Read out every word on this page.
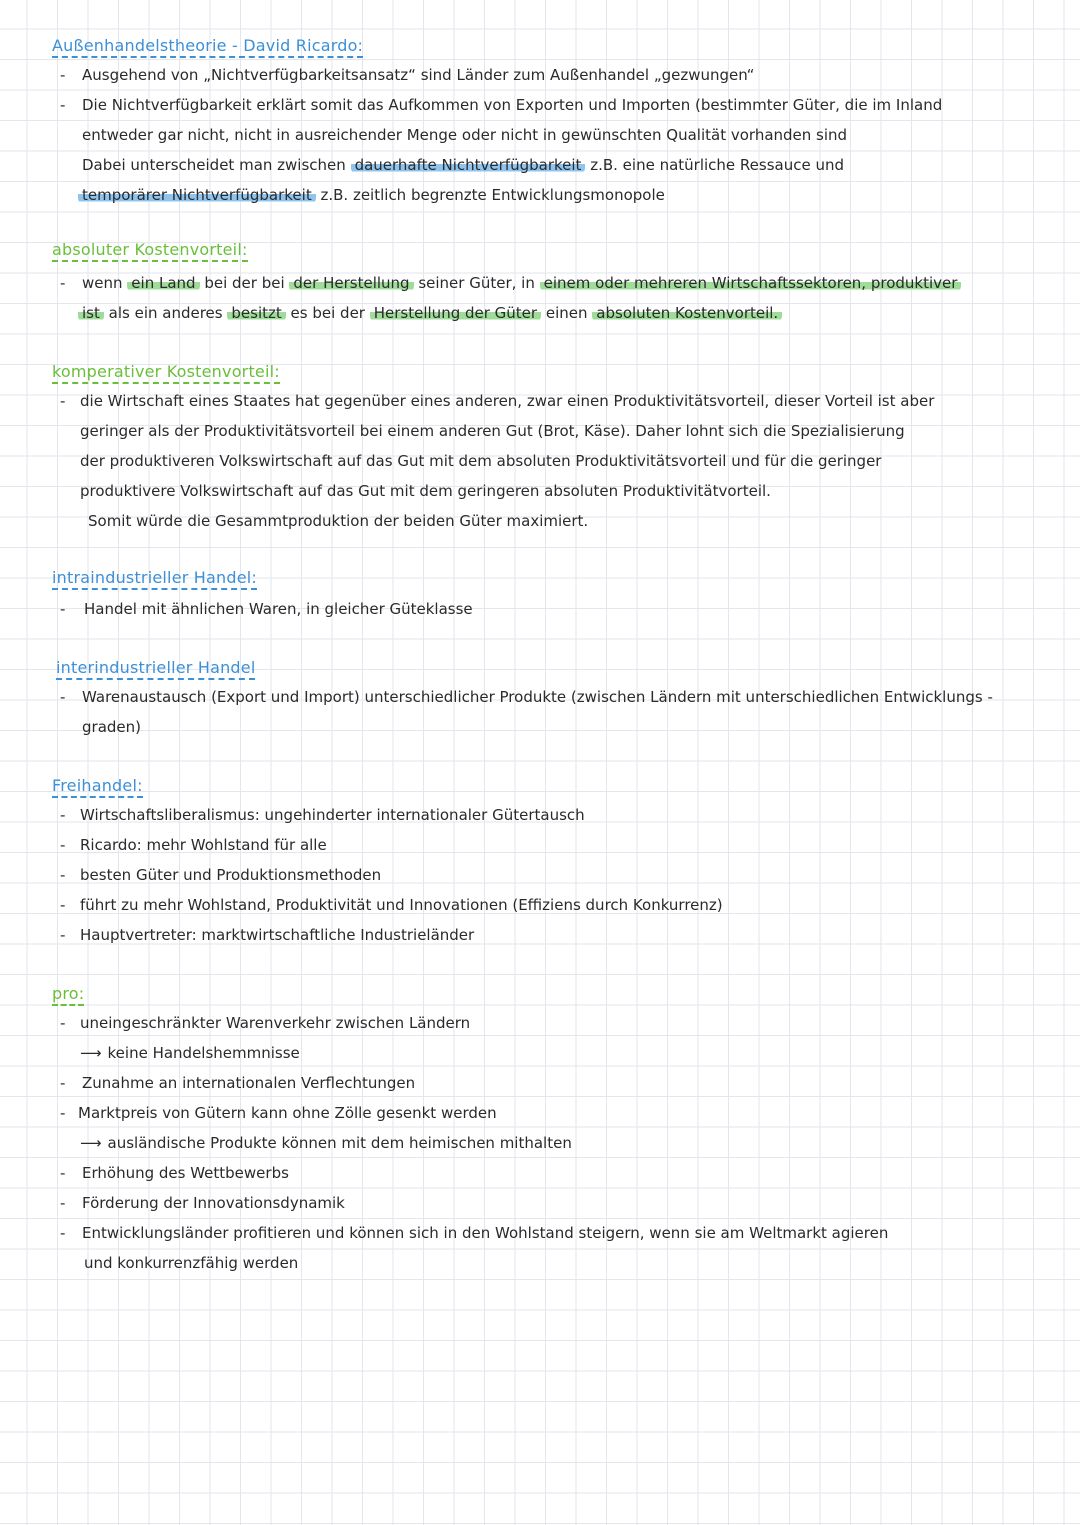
Außenhandelstheorie - David Ricardo:
- Ausgehend von „Nichtverfügbarkeitsansatz“ sind Länder zum Außenhandel „gezwungen“
- Die Nichtverfügbarkeit erklärt somit das Aufkommen von Exporten und Importen (bestimmter Güter, die im Inland
entweder gar nicht, nicht in ausreichender Menge oder nicht in gewünschten Qualität vorhanden sind
Dabei unterscheidet man zwischen dauerhafte Nichtverfügbarkeit z.B. eine natürliche Ressauce und
temporärer Nichtverfügbarkeit z.B. zeitlich begrenzte Entwicklungsmonopole
absoluter Kostenvorteil:
- wenn ein Land bei der bei der Herstellung seiner Güter, in einem oder mehreren Wirtschaftssektoren, produktiver
ist als ein anderes besitzt es bei der Herstellung der Güter einen absoluten Kostenvorteil.
komperativer Kostenvorteil:
- die Wirtschaft eines Staates hat gegenüber eines anderen, zwar einen Produktivitätsvorteil, dieser Vorteil ist aber
geringer als der Produktivitätsvorteil bei einem anderen Gut (Brot, Käse). Daher lohnt sich die Spezialisierung
der produktiveren Volkswirtschaft auf das Gut mit dem absoluten Produktivitätsvorteil und für die geringer
produktivere Volkswirtschaft auf das Gut mit dem geringeren absoluten Produktivitätvorteil.
Somit würde die Gesammtproduktion der beiden Güter maximiert.
intraindustrieller Handel:
- Handel mit ähnlichen Waren, in gleicher Güteklasse
interindustrieller Handel
- Warenaustausch (Export und Import) unterschiedlicher Produkte (zwischen Ländern mit unterschiedlichen Entwicklungs -
graden)
Freihandel:
- Wirtschaftsliberalismus: ungehinderter internationaler Gütertausch
- Ricardo: mehr Wohlstand für alle
- besten Güter und Produktionsmethoden
- führt zu mehr Wohlstand, Produktivität und Innovationen (Effiziens durch Konkurrenz)
- Hauptvertreter: marktwirtschaftliche Industrieländer
pro:
- uneingeschränkter Warenverkehr zwischen Ländern
⟶ keine Handelshemmnisse
- Zunahme an internationalen Verflechtungen
- Marktpreis von Gütern kann ohne Zölle gesenkt werden
⟶ ausländische Produkte können mit dem heimischen mithalten
- Erhöhung des Wettbewerbs
- Förderung der Innovationsdynamik
- Entwicklungsländer profitieren und können sich in den Wohlstand steigern, wenn sie am Weltmarkt agieren
und konkurrenzfähig werden
